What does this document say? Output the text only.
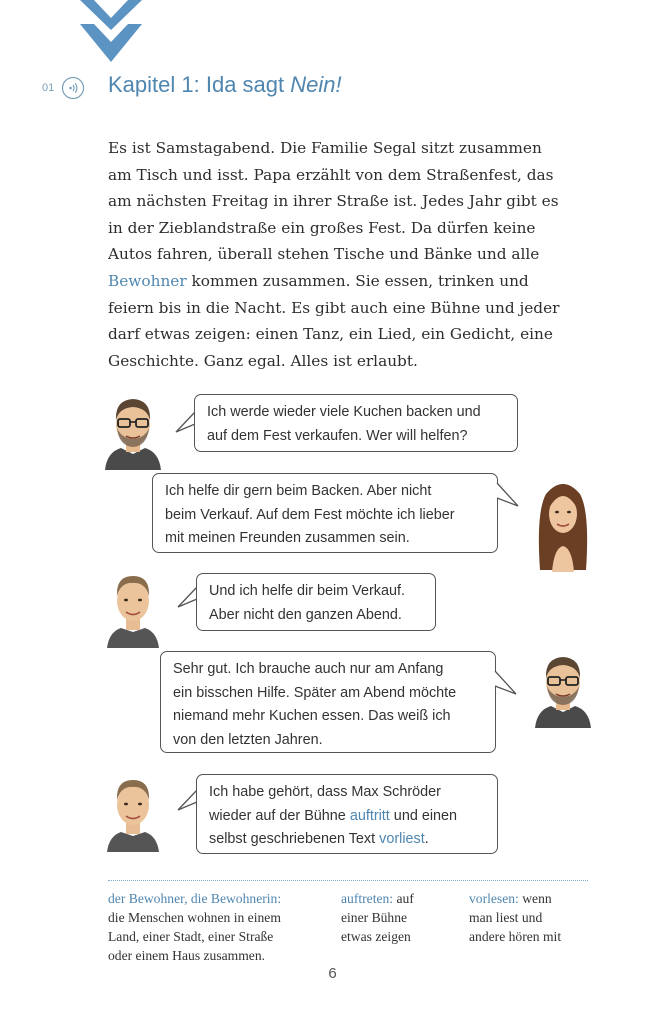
01 Kapitel 1: Ida sagt Nein!
Es ist Samstagabend. Die Familie Segal sitzt zusammen
am Tisch und isst. Papa erzählt von dem Straßenfest, das
am nächsten Freitag in ihrer Straße ist. Jedes Jahr gibt es
in der Zieblandstraße ein großes Fest. Da dürfen keine
Autos fahren, überall stehen Tische und Bänke und alle
Bewohner kommen zusammen. Sie essen, trinken und
feiern bis in die Nacht. Es gibt auch eine Bühne und jeder
darf etwas zeigen: einen Tanz, ein Lied, ein Gedicht, eine
Geschichte. Ganz egal. Alles ist erlaubt.
Ich werde wieder viele Kuchen backen und
auf dem Fest verkaufen. Wer will helfen?
Ich helfe dir gern beim Backen. Aber nicht
beim Verkauf. Auf dem Fest möchte ich lieber
mit meinen Freunden zusammen sein.
Und ich helfe dir beim Verkauf.
Aber nicht den ganzen Abend.
Sehr gut. Ich brauche auch nur am Anfang
ein bisschen Hilfe. Später am Abend möchte
niemand mehr Kuchen essen. Das weiß ich
von den letzten Jahren.
Ich habe gehört, dass Max Schröder
wieder auf der Bühne auftritt und einen
selbst geschriebenen Text vorliest.
der Bewohner, die Bewohnerin:
die Menschen wohnen in einem
Land, einer Stadt, einer Straße
oder einem Haus zusammen.
auftreten: auf
einer Bühne
etwas zeigen
vorlesen: wenn
man liest und
andere hören mit
6
